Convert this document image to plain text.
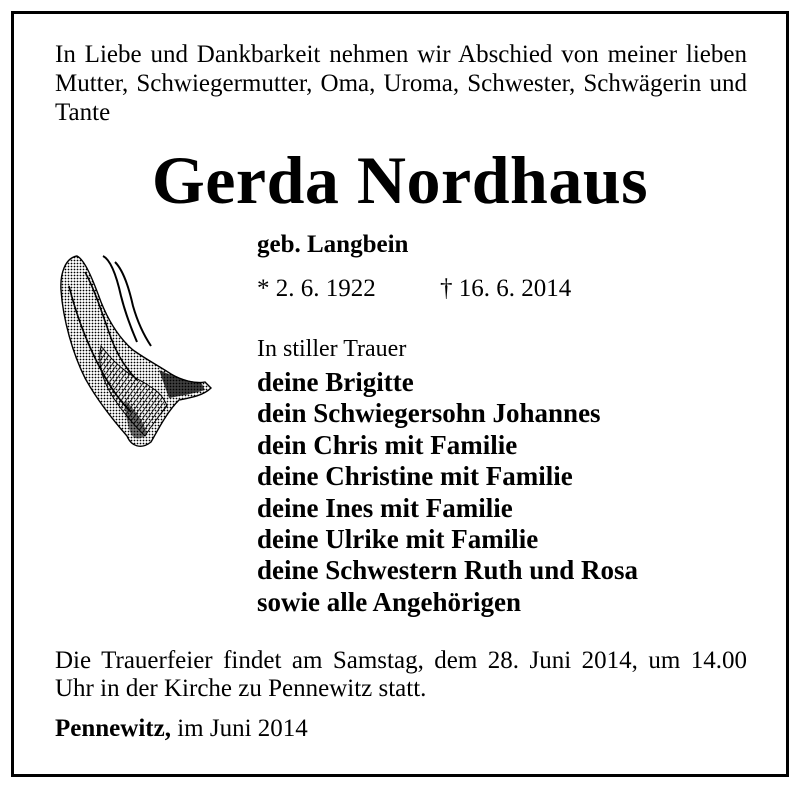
In Liebe und Dankbarkeit nehmen wir Abschied von meiner lieben Mutter, Schwiegermutter, Oma, Uroma, Schwester, Schwägerin und Tante
Gerda Nordhaus
geb. Langbein
* 2. 6. 1922	† 16. 6. 2014
In stiller Trauer
deine Brigitte
dein Schwiegersohn Johannes
dein Chris mit Familie
deine Christine mit Familie
deine Ines mit Familie
deine Ulrike mit Familie
deine Schwestern Ruth und Rosa
sowie alle Angehörigen
Die Trauerfeier findet am Samstag, dem 28. Juni 2014, um 14.00 Uhr in der Kirche zu Pennewitz statt.
Pennewitz, im Juni 2014
